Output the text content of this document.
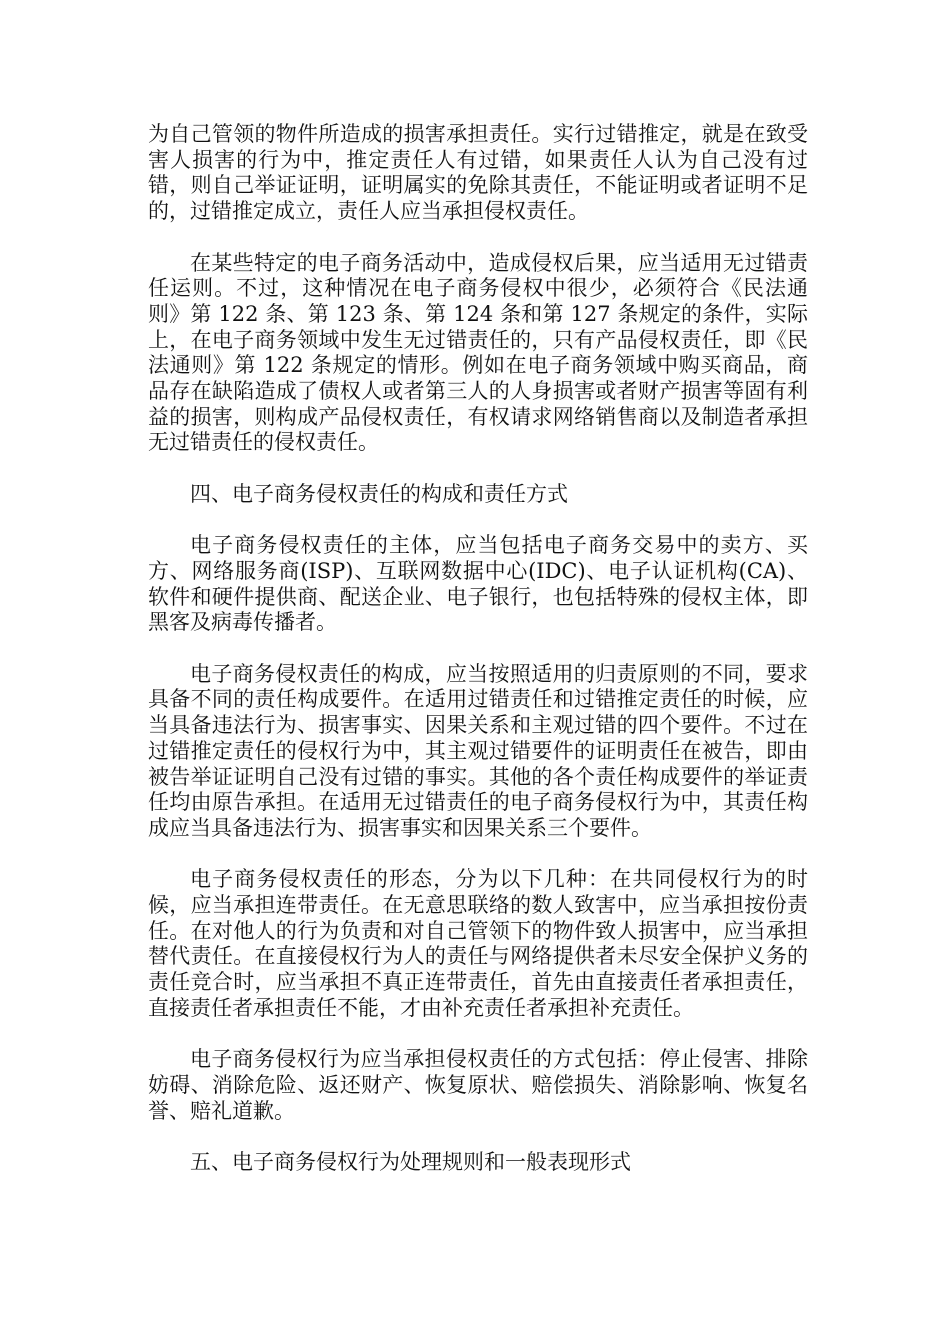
为自己管领的物件所造成的损害承担责任。实行过错推定，就是在致受害人损害的行为中，推定责任人有过错，如果责任人认为自己没有过错，则自己举证证明，证明属实的免除其责任，不能证明或者证明不足的，过错推定成立，责任人应当承担侵权责任。

在某些特定的电子商务活动中，造成侵权后果，应当适用无过错责任运则。不过，这种情况在电子商务侵权中很少，必须符合《民法通则》第 122 条、第 123 条、第 124 条和第 127 条规定的条件，实际上，在电子商务领域中发生无过错责任的，只有产品侵权责任，即《民法通则》第 122 条规定的情形。例如在电子商务领域中购买商品，商品存在缺陷造成了债权人或者第三人的人身损害或者财产损害等固有利益的损害，则构成产品侵权责任，有权请求网络销售商以及制造者承担无过错责任的侵权责任。

四、电子商务侵权责任的构成和责任方式

电子商务侵权责任的主体，应当包括电子商务交易中的卖方、买方、网络服务商(ISP)、互联网数据中心(IDC)、电子认证机构(CA)、软件和硬件提供商、配送企业、电子银行，也包括特殊的侵权主体，即黑客及病毒传播者。

电子商务侵权责任的构成，应当按照适用的归责原则的不同，要求具备不同的责任构成要件。在适用过错责任和过错推定责任的时候，应当具备违法行为、损害事实、因果关系和主观过错的四个要件。不过在过错推定责任的侵权行为中，其主观过错要件的证明责任在被告，即由被告举证证明自己没有过错的事实。其他的各个责任构成要件的举证责任均由原告承担。在适用无过错责任的电子商务侵权行为中，其责任构成应当具备违法行为、损害事实和因果关系三个要件。

电子商务侵权责任的形态，分为以下几种：在共同侵权行为的时候，应当承担连带责任。在无意思联络的数人致害中，应当承担按份责任。在对他人的行为负责和对自己管领下的物件致人损害中，应当承担替代责任。在直接侵权行为人的责任与网络提供者未尽安全保护义务的责任竞合时，应当承担不真正连带责任，首先由直接责任者承担责任，直接责任者承担责任不能，才由补充责任者承担补充责任。

电子商务侵权行为应当承担侵权责任的方式包括：停止侵害、排除妨碍、消除危险、返还财产、恢复原状、赔偿损失、消除影响、恢复名誉、赔礼道歉。

五、电子商务侵权行为处理规则和一般表现形式
